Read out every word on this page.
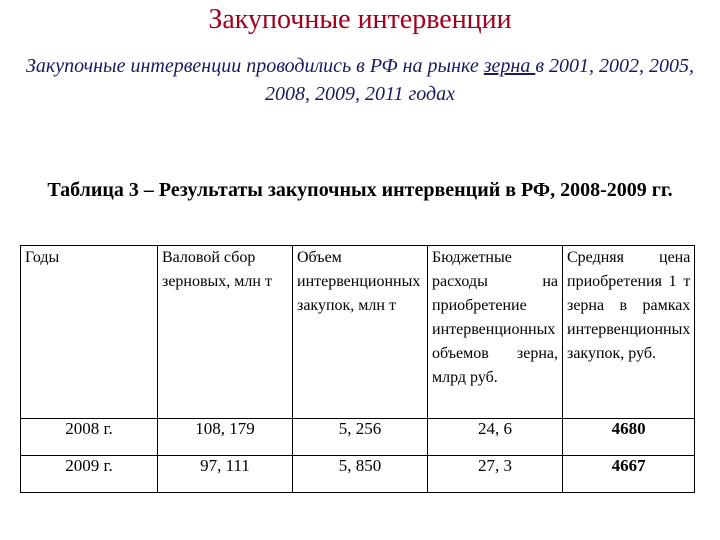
Закупочные интервенции
Закупочные интервенции проводились в РФ на рынке зерна в 2001, 2002, 2005, 2008, 2009, 2011 годах
Таблица 3 – Результаты закупочных интервенций в РФ, 2008-2009 гг.
Годы	Валовой сбор зерновых, млн т	Объем интервенционных закупок, млн т	Бюджетные расходы на приобретение интервенционных объемов зерна, млрд руб.	Средняя цена приобретения 1 т зерна в рамках интервенционных закупок, руб.
2008 г.	108, 179	5, 256	24, 6	4680
2009 г.	97, 111	5, 850	27, 3	4667
